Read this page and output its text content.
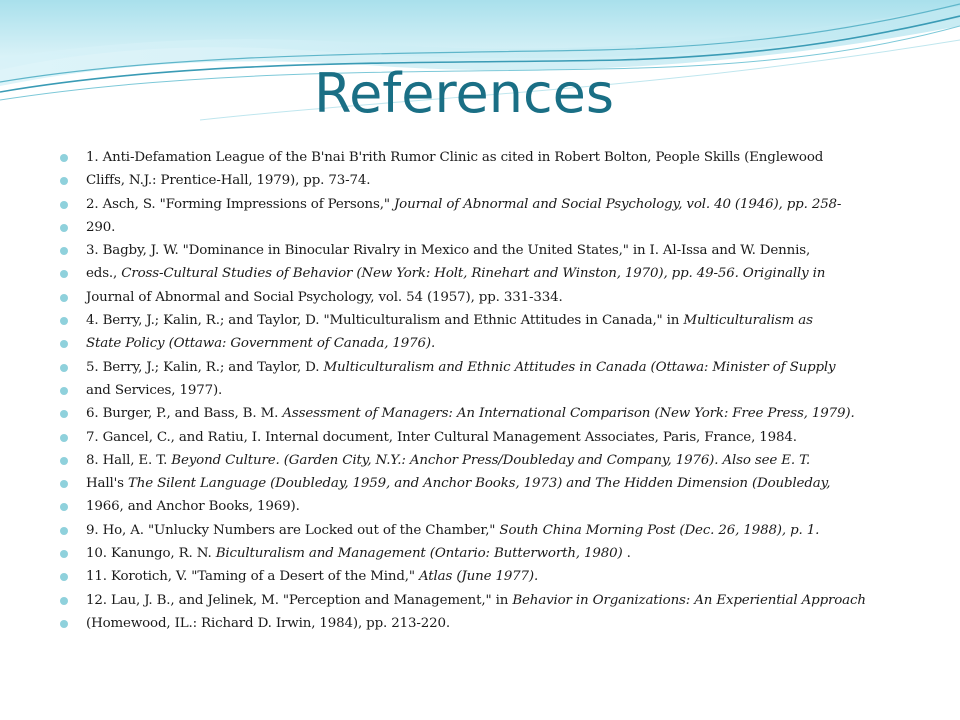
References
1. Anti-Defamation League of the B'nai B'rith Rumor Clinic as cited in Robert Bolton, People Skills (Englewood
Cliffs, N.J.: Prentice-Hall, 1979), pp. 73-74.
2. Asch, S. "Forming Impressions of Persons," Journal of Abnormal and Social Psychology, vol. 40 (1946), pp. 258-
290.
3. Bagby, J. W. "Dominance in Binocular Rivalry in Mexico and the United States," in I. Al-Issa and W. Dennis,
eds., Cross-Cultural Studies of Behavior (New York: Holt, Rinehart and Winston, 1970), pp. 49-56. Originally in
Journal of Abnormal and Social Psychology, vol. 54 (1957), pp. 331-334.
4. Berry, J.; Kalin, R.; and Taylor, D. "Multiculturalism and Ethnic Attitudes in Canada," in Multiculturalism as
State Policy (Ottawa: Government of Canada, 1976).
5. Berry, J.; Kalin, R.; and Taylor, D. Multiculturalism and Ethnic Attitudes in Canada (Ottawa: Minister of Supply
and Services, 1977).
6. Burger, P., and Bass, B. M. Assessment of Managers: An International Comparison (New York: Free Press, 1979).
7. Gancel, C., and Ratiu, I. Internal document, Inter Cultural Management Associates, Paris, France, 1984.
8. Hall, E. T. Beyond Culture. (Garden City, N.Y.: Anchor Press/Doubleday and Company, 1976). Also see E. T.
Hall's The Silent Language (Doubleday, 1959, and Anchor Books, 1973) and The Hidden Dimension (Doubleday,
1966, and Anchor Books, 1969).
9. Ho, A. "Unlucky Numbers are Locked out of the Chamber," South China Morning Post (Dec. 26, 1988), p. 1.
10. Kanungo, R. N. Biculturalism and Management (Ontario: Butterworth, 1980) .
11. Korotich, V. "Taming of a Desert of the Mind," Atlas (June 1977).
12. Lau, J. B., and Jelinek, M. "Perception and Management," in Behavior in Organizations: An Experiential Approach
(Homewood, IL.: Richard D. Irwin, 1984), pp. 213-220.
